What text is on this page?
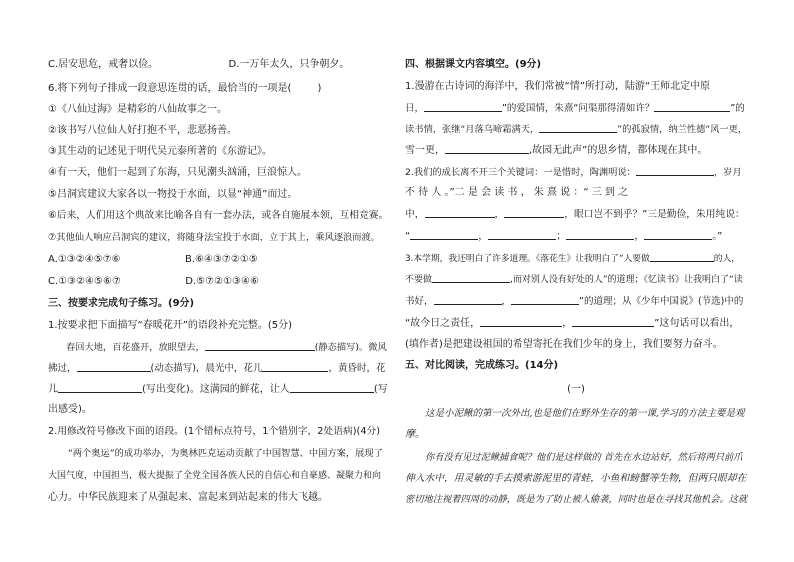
C.居安思危，戒奢以俭。	D.一万年太久，只争朝夕。
6.将下列句子排成一段意思连贯的话，最恰当的一项是(	)
①《八仙过海》是精彩的八仙故事之一。
②该书写八位仙人好打抱不平，悲恶扬善。
③其生动的记述见于明代吴元泰所著的《东游记》。
④有一天，他们一起到了东海，只见潮头汹涌，巨浪惊人。
⑤吕洞宾建议大家各以一物投于水面，以显“神通”而过。
⑥后来，人们用这个典故来比喻各自有一套办法，或各自施展本领，互相竞赛。
⑦其他仙人响应吕洞宾的建议，将随身法宝投于水面，立于其上，乘风逐浪而渡。
A.①③②④⑤⑦⑥	B.⑥④③⑦②①⑤
C.①③②④⑤⑥⑦	D.⑤⑦②①③④⑥
三、按要求完成句子练习。(9分)
1.按要求把下面描写“春暖花开”的语段补充完整。(5分)
春回大地，百花盛开，放眼望去，	(静态描写)。微风
拂过，	(动态描写)，晨光中，花儿	，黄昏时，花
儿	(写出变化)。这满园的鲜花，让人	(写
出感受)。
2.用修改符号修改下面的语段。(1个错标点符号，1个错别字，2处语病)(4分)
“两个奥运”的成功举办，为奥林匹克运动贡献了中国智慧、中国方案，展现了
大国气度，中国担当，极大提振了全党全国各族人民的自信心和自豪感、凝聚力和向
心力。中华民族迎来了从强起来、富起来到站起来的伟大飞越。
四、根据课文内容填空。(9分)
1.漫游在古诗词的海洋中，我们常被“情”所打动，陆游“王师北定中原
日，	”的爱国情，朱熹“问渠那得清如许？	”的
读书情，张继“月落乌啼霜满天，	”的孤寂情，纳兰性德“风一更，
雪一更，	,故园无此声”的思乡情，都体现在其中。
2.我们的成长离不开三个关键词：一是惜时，陶渊明说：	，岁月
不 待 人 。”二 是 会 读 书 ， 朱 熹 说 ：“ 三 到 之
中，	，	，眼口岂不到乎？”三是勤俭，朱用纯说：
“	，	；	，	。”
3.本学期，我还明白了许多道理。《落花生》让我明白了“人要做	的人，
不要做	,而对别人没有好处的人”的道理；《忆读书》让我明白了“读
书好，	，	”的道理；从《少年中国说》(节选)中的
“故今日之责任，	，	”这句话可以看出，
(填作者)是把建设祖国的希望寄托在我们少年的身上，我们要努力奋斗。
五、对比阅读，完成练习。(14分)
(一)
这是小泥鳅的第一次外出,也是他们在野外生存的第一课,学习的方法主要是观
摩。
你有没有见过泥鳅捕食呢？他们是这样做的 首先在水边站好，然后将两只前爪
伸入水中，用灵敏的手去摸索游泥里的青蛙，小鱼和螃蟹等生物，但两只眼却在
密切地注视着四周的动静，既是为了防止被人偷袭，同时也是在寻找其他机会。这就
